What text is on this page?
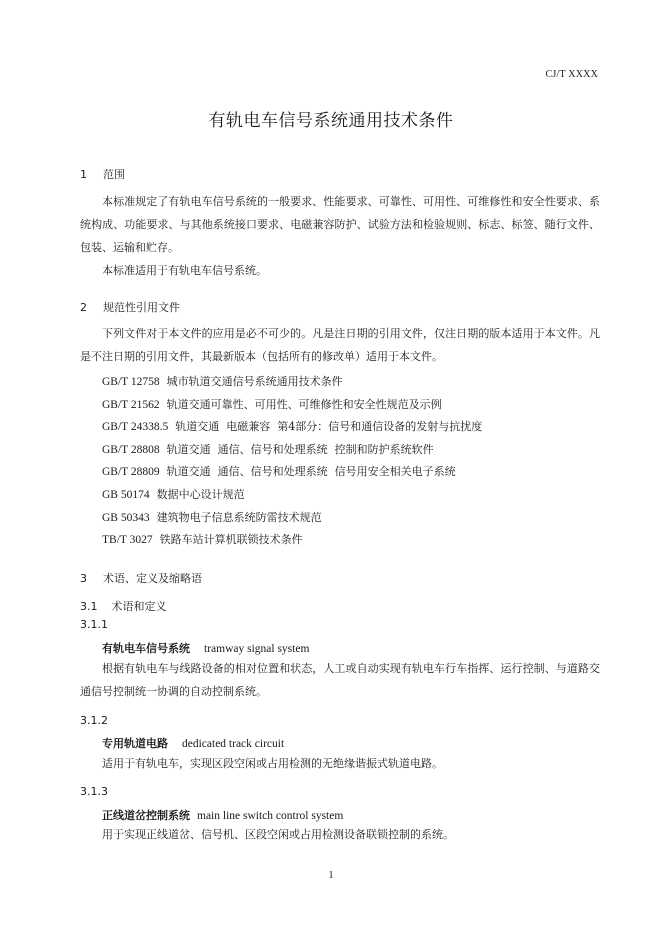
CJ/T XXXX
有轨电车信号系统通用技术条件
1 范围
本标准规定了有轨电车信号系统的一般要求、性能要求、可靠性、可用性、可维修性和安全性要求、系统构成、功能要求、与其他系统接口要求、电磁兼容防护、试验方法和检验规则、标志、标签、随行文件、包装、运输和贮存。
本标准适用于有轨电车信号系统。
2 规范性引用文件
下列文件对于本文件的应用是必不可少的。凡是注日期的引用文件，仅注日期的版本适用于本文件。凡是不注日期的引用文件，其最新版本（包括所有的修改单）适用于本文件。
GB/T 12758 城市轨道交通信号系统通用技术条件
GB/T 21562 轨道交通可靠性、可用性、可维修性和安全性规范及示例
GB/T 24338.5 轨道交通  电磁兼容  第4部分：信号和通信设备的发射与抗扰度
GB/T 28808 轨道交通  通信、信号和处理系统  控制和防护系统软件
GB/T 28809 轨道交通  通信、信号和处理系统  信号用安全相关电子系统
GB 50174 数据中心设计规范
GB 50343 建筑物电子信息系统防雷技术规范
TB/T 3027 铁路车站计算机联锁技术条件
3 术语、定义及缩略语
3.1 术语和定义
3.1.1
有轨电车信号系统 tramway signal system
根据有轨电车与线路设备的相对位置和状态，人工或自动实现有轨电车行车指挥、运行控制、与道路交通信号控制统一协调的自动控制系统。
3.1.2
专用轨道电路 dedicated track circuit
适用于有轨电车，实现区段空闲或占用检测的无绝缘谐振式轨道电路。
3.1.3
正线道岔控制系统 main line switch control system
用于实现正线道岔、信号机、区段空闲或占用检测设备联锁控制的系统。
1
